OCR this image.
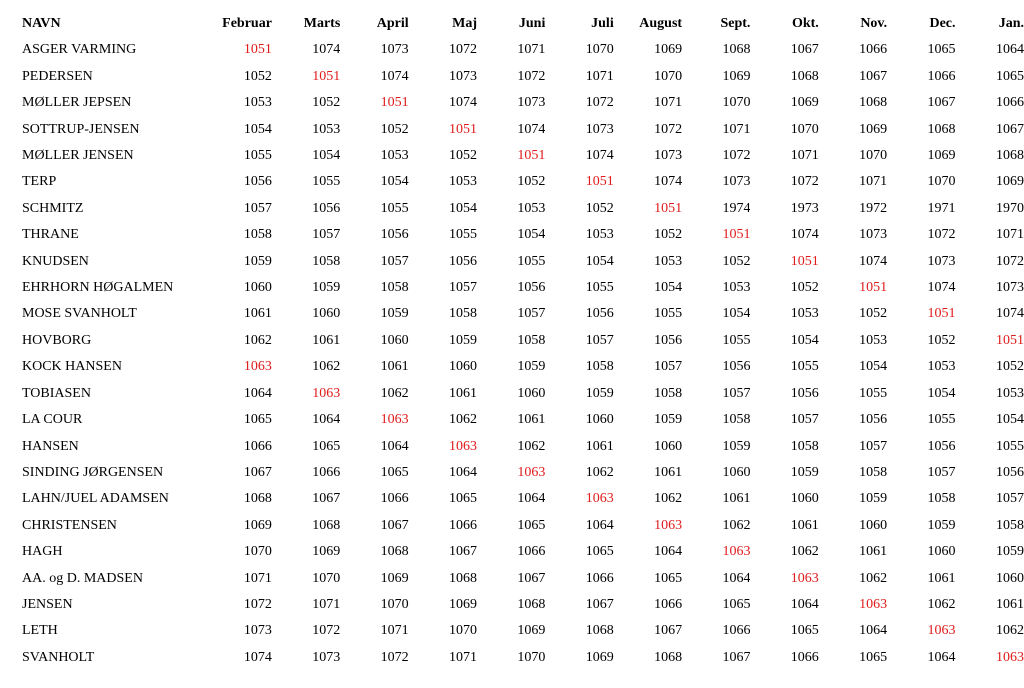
NAVN	Februar	Marts	April	Maj	Juni	Juli	August	Sept.	Okt.	Nov.	Dec.	Jan.
ASGER VARMING	1051	1074	1073	1072	1071	1070	1069	1068	1067	1066	1065	1064
PEDERSEN	1052	1051	1074	1073	1072	1071	1070	1069	1068	1067	1066	1065
MØLLER JEPSEN	1053	1052	1051	1074	1073	1072	1071	1070	1069	1068	1067	1066
SOTTRUP-JENSEN	1054	1053	1052	1051	1074	1073	1072	1071	1070	1069	1068	1067
MØLLER JENSEN	1055	1054	1053	1052	1051	1074	1073	1072	1071	1070	1069	1068
TERP	1056	1055	1054	1053	1052	1051	1074	1073	1072	1071	1070	1069
SCHMITZ	1057	1056	1055	1054	1053	1052	1051	1974	1973	1972	1971	1970
THRANE	1058	1057	1056	1055	1054	1053	1052	1051	1074	1073	1072	1071
KNUDSEN	1059	1058	1057	1056	1055	1054	1053	1052	1051	1074	1073	1072
EHRHORN HØGALMEN	1060	1059	1058	1057	1056	1055	1054	1053	1052	1051	1074	1073
MOSE SVANHOLT	1061	1060	1059	1058	1057	1056	1055	1054	1053	1052	1051	1074
HOVBORG	1062	1061	1060	1059	1058	1057	1056	1055	1054	1053	1052	1051
KOCK HANSEN	1063	1062	1061	1060	1059	1058	1057	1056	1055	1054	1053	1052
TOBIASEN	1064	1063	1062	1061	1060	1059	1058	1057	1056	1055	1054	1053
LA COUR	1065	1064	1063	1062	1061	1060	1059	1058	1057	1056	1055	1054
HANSEN	1066	1065	1064	1063	1062	1061	1060	1059	1058	1057	1056	1055
SINDING JØRGENSEN	1067	1066	1065	1064	1063	1062	1061	1060	1059	1058	1057	1056
LAHN/JUEL ADAMSEN	1068	1067	1066	1065	1064	1063	1062	1061	1060	1059	1058	1057
CHRISTENSEN	1069	1068	1067	1066	1065	1064	1063	1062	1061	1060	1059	1058
HAGH	1070	1069	1068	1067	1066	1065	1064	1063	1062	1061	1060	1059
AA. og D. MADSEN	1071	1070	1069	1068	1067	1066	1065	1064	1063	1062	1061	1060
JENSEN	1072	1071	1070	1069	1068	1067	1066	1065	1064	1063	1062	1061
LETH	1073	1072	1071	1070	1069	1068	1067	1066	1065	1064	1063	1062
SVANHOLT	1074	1073	1072	1071	1070	1069	1068	1067	1066	1065	1064	1063
